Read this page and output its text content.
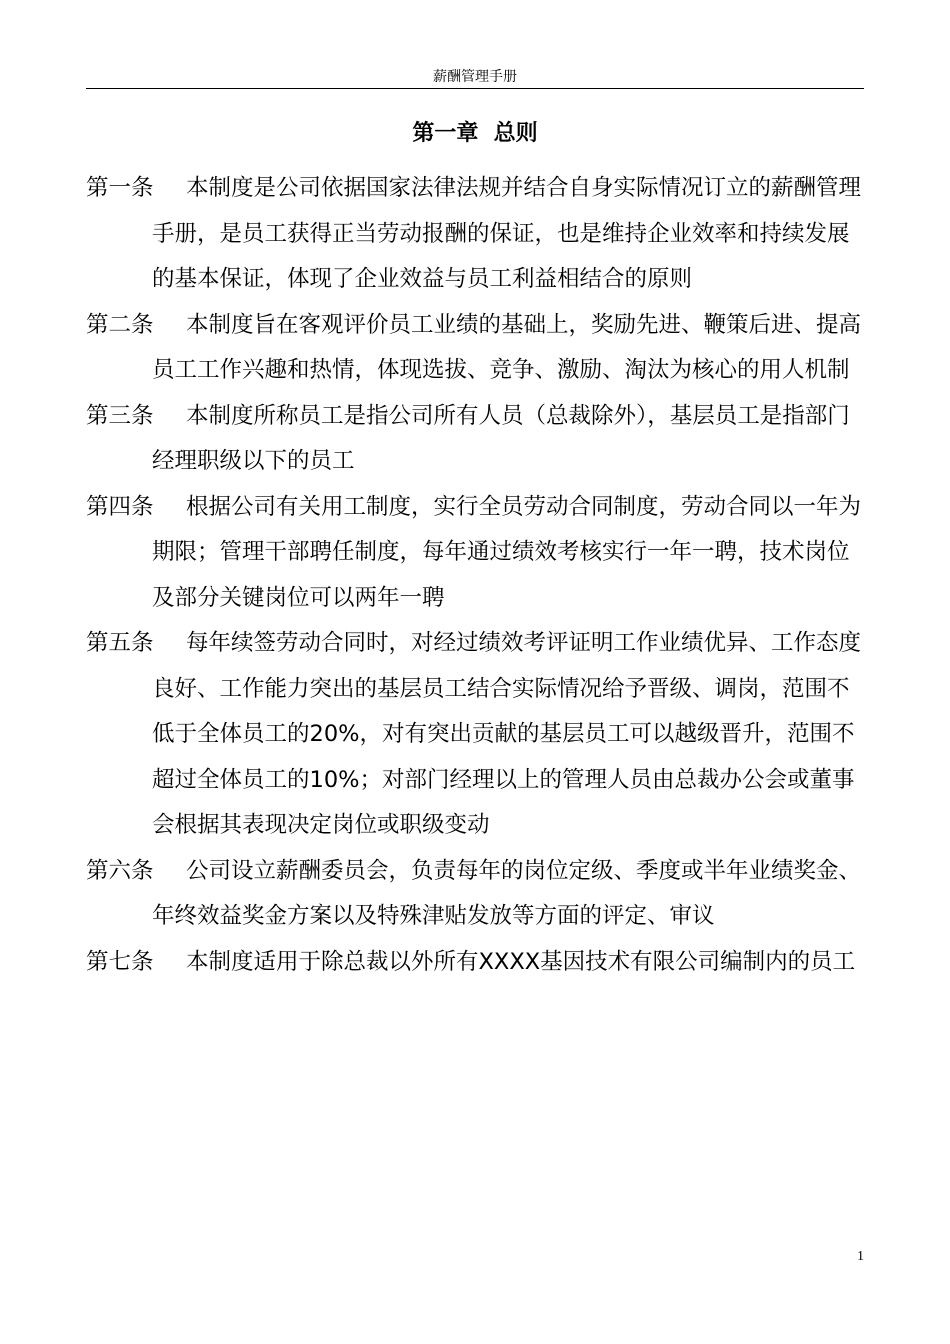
薪酬管理手册
第一章  总则
第一条	本制度是公司依据国家法律法规并结合自身实际情况订立的薪酬管理手册，是员工获得正当劳动报酬的保证，也是维持企业效率和持续发展的基本保证，体现了企业效益与员工利益相结合的原则
第二条	本制度旨在客观评价员工业绩的基础上，奖励先进、鞭策后进、提高员工工作兴趣和热情，体现选拔、竞争、激励、淘汰为核心的用人机制
第三条	本制度所称员工是指公司所有人员（总裁除外），基层员工是指部门经理职级以下的员工
第四条	根据公司有关用工制度，实行全员劳动合同制度，劳动合同以一年为期限；管理干部聘任制度，每年通过绩效考核实行一年一聘，技术岗位及部分关键岗位可以两年一聘
第五条	每年续签劳动合同时，对经过绩效考评证明工作业绩优异、工作态度良好、工作能力突出的基层员工结合实际情况给予晋级、调岗，范围不低于全体员工的20%，对有突出贡献的基层员工可以越级晋升，范围不超过全体员工的10%；对部门经理以上的管理人员由总裁办公会或董事会根据其表现决定岗位或职级变动
第六条	公司设立薪酬委员会，负责每年的岗位定级、季度或半年业绩奖金、年终效益奖金方案以及特殊津贴发放等方面的评定、审议
第七条	本制度适用于除总裁以外所有XXXX基因技术有限公司编制内的员工
1
